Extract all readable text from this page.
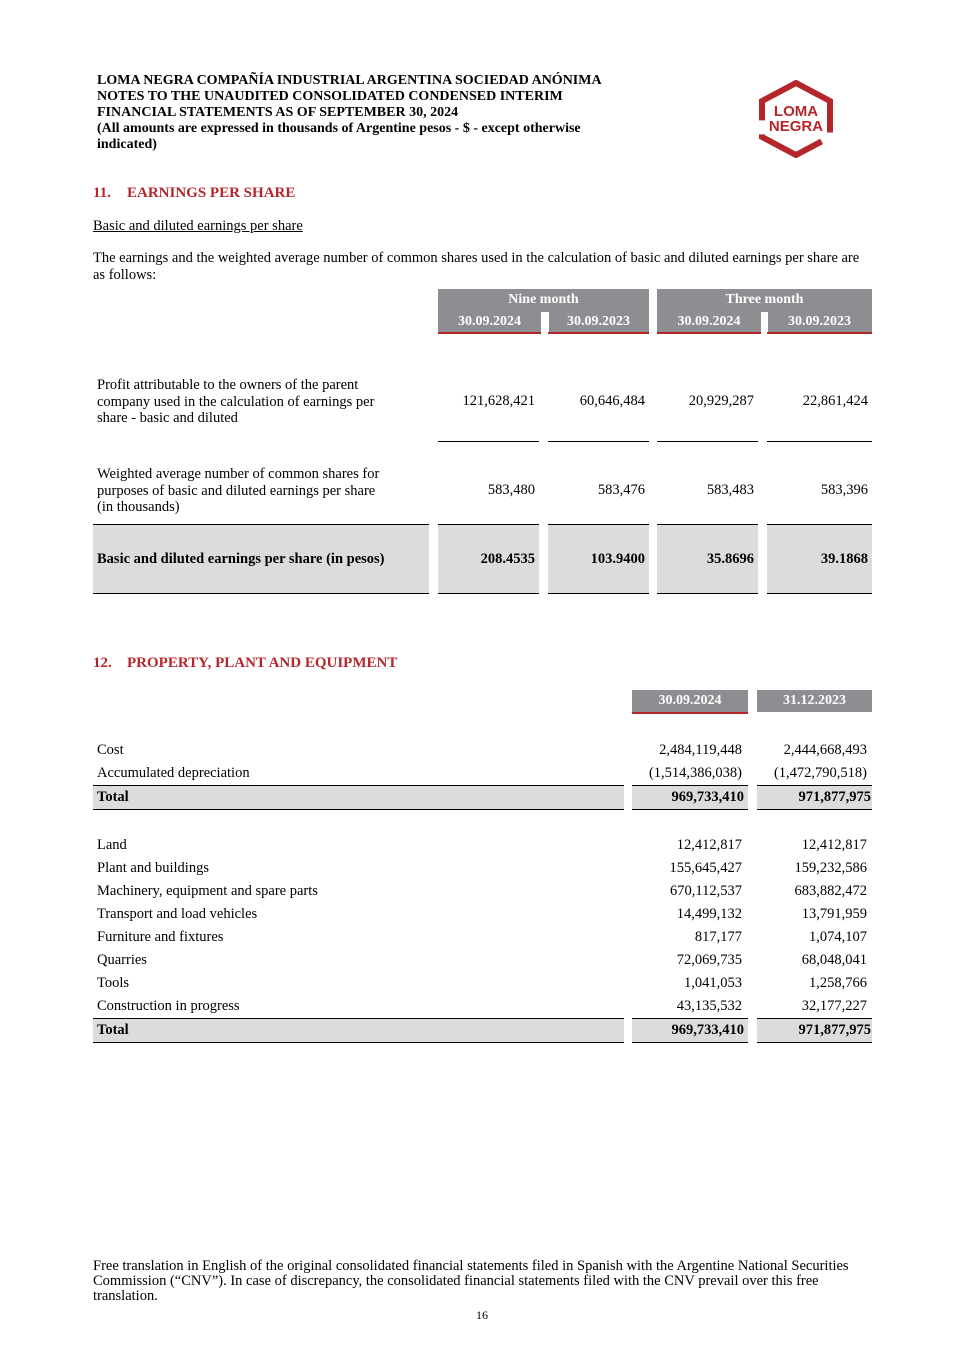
LOMA NEGRA COMPAÑÍA INDUSTRIAL ARGENTINA SOCIEDAD ANÓNIMA
NOTES TO THE UNAUDITED CONSOLIDATED CONDENSED INTERIM
FINANCIAL STATEMENTS AS OF SEPTEMBER 30, 2024
(All amounts are expressed in thousands of Argentine pesos - $ - except otherwise
indicated)
LOMA
NEGRA
11. EARNINGS PER SHARE
Basic and diluted earnings per share
The earnings and the weighted average number of common shares used in the calculation of basic and diluted earnings per share are as follows:
Nine month	Three month
30.09.2024	30.09.2023	30.09.2024	30.09.2023
Profit attributable to the owners of the parent
company used in the calculation of earnings per
share - basic and diluted
121,628,421	60,646,484	20,929,287	22,861,424
Weighted average number of common shares for
purposes of basic and diluted earnings per share
(in thousands)
583,480	583,476	583,483	583,396
Basic and diluted earnings per share (in pesos)	208.4535	103.9400	35.8696	39.1868
12. PROPERTY, PLANT AND EQUIPMENT
30.09.2024	31.12.2023
Cost	2,484,119,448	2,444,668,493
Accumulated depreciation	(1,514,386,038)	(1,472,790,518)
Total	969,733,410	971,877,975
Land	12,412,817	12,412,817
Plant and buildings	155,645,427	159,232,586
Machinery, equipment and spare parts	670,112,537	683,882,472
Transport and load vehicles	14,499,132	13,791,959
Furniture and fixtures	817,177	1,074,107
Quarries	72,069,735	68,048,041
Tools	1,041,053	1,258,766
Construction in progress	43,135,532	32,177,227
Total	969,733,410	971,877,975
Free translation in English of the original consolidated financial statements filed in Spanish with the Argentine National Securities Commission (“CNV”). In case of discrepancy, the consolidated financial statements filed with the CNV prevail over this free translation.
16
